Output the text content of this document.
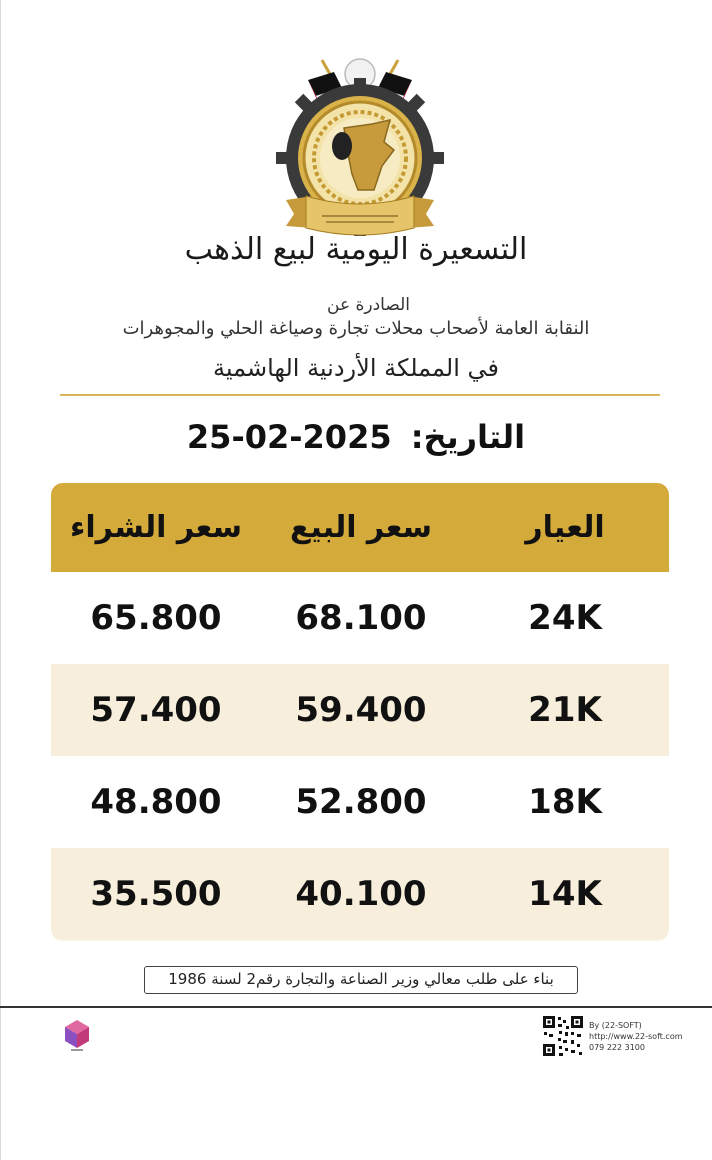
التسعيرة اليومية لبيع الذهب
الصادرة عن
النقابة العامة لأصحاب محلات تجارة وصياغة الحلي والمجوهرات
في المملكة الأردنية الهاشمية
التاريخ: 25-02-2025
سعر الشراء	سعر البيع	العيار
65.800	68.100	24K
57.400	59.400	21K
48.800	52.800	18K
35.500	40.100	14K
بناء على طلب معالي وزير الصناعة والتجارة رقم2 لسنة 1986
By (22-SOFT)
http://www.22-soft.com
079 222 3100
